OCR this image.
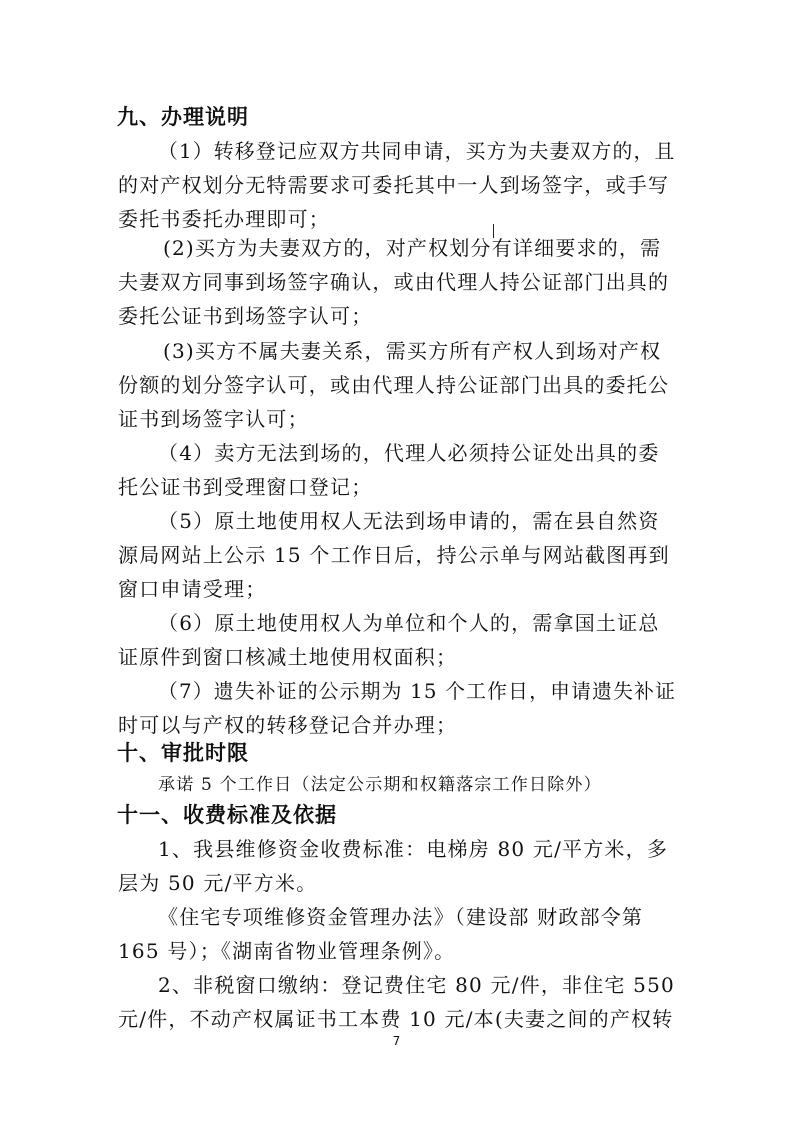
九、办理说明
（1）转移登记应双方共同申请，买方为夫妻双方的，且
的对产权划分无特需要求可委托其中一人到场签字，或手写
委托书委托办理即可；
(2)买方为夫妻双方的，对产权划分有详细要求的，需
夫妻双方同事到场签字确认，或由代理人持公证部门出具的
委托公证书到场签字认可；
(3)买方不属夫妻关系，需买方所有产权人到场对产权
份额的划分签字认可，或由代理人持公证部门出具的委托公
证书到场签字认可；
（4）卖方无法到场的，代理人必须持公证处出具的委
托公证书到受理窗口登记；
（5）原土地使用权人无法到场申请的，需在县自然资
源局网站上公示 15 个工作日后，持公示单与网站截图再到
窗口申请受理；
（6）原土地使用权人为单位和个人的，需拿国土证总
证原件到窗口核减土地使用权面积；
（7）遗失补证的公示期为 15 个工作日，申请遗失补证
时可以与产权的转移登记合并办理；
十、审批时限
承诺 5 个工作日（法定公示期和权籍落宗工作日除外）
十一、收费标准及依据
1、我县维修资金收费标准：电梯房 80 元/平方米，多
层为 50 元/平方米。
《住宅专项维修资金管理办法》（建设部 财政部令第
165 号）；《湖南省物业管理条例》。
2、非税窗口缴纳：登记费住宅 80 元/件，非住宅 550
元/件，不动产权属证书工本费 10 元/本(夫妻之间的产权转
7
